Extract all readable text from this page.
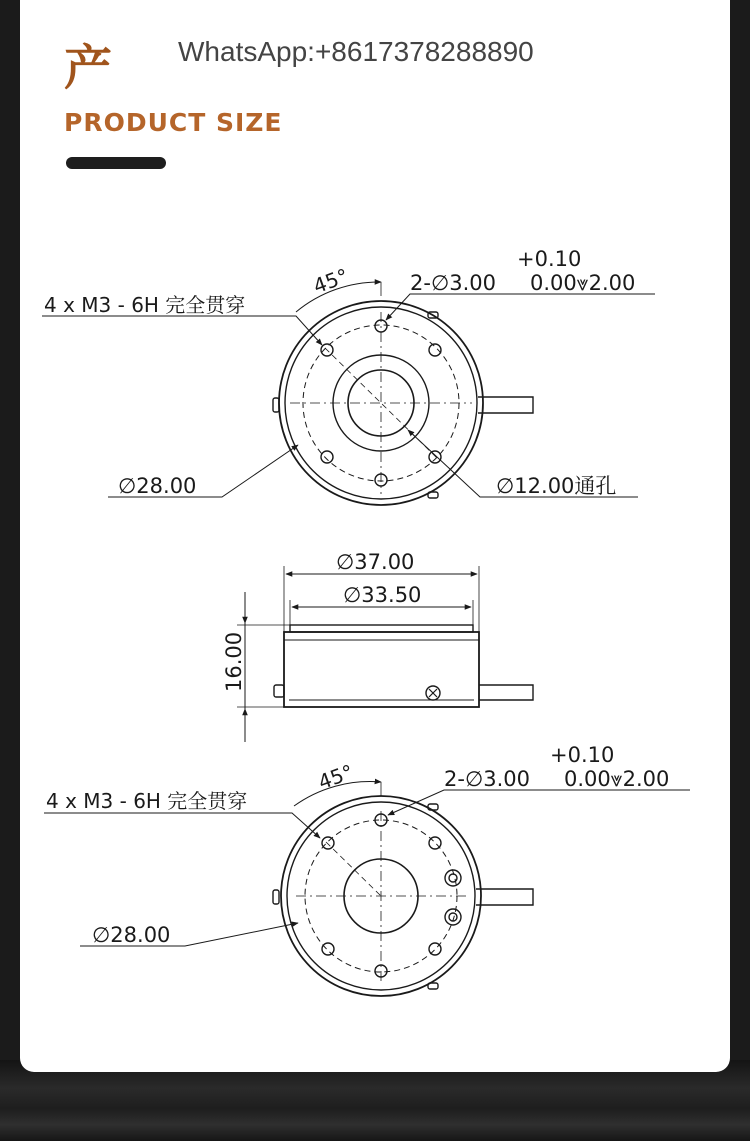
产 WhatsApp:+8617378288890
PRODUCT SIZE
45°
4 x M3 - 6H 完全贯穿
+0.10
2-∅3.00 0.00⩔2.00
∅28.00	∅12.00通孔
∅37.00
∅33.50
16.00
45°
4 x M3 - 6H 完全贯穿
+0.10
2-∅3.00 0.00⩔2.00
∅28.00
